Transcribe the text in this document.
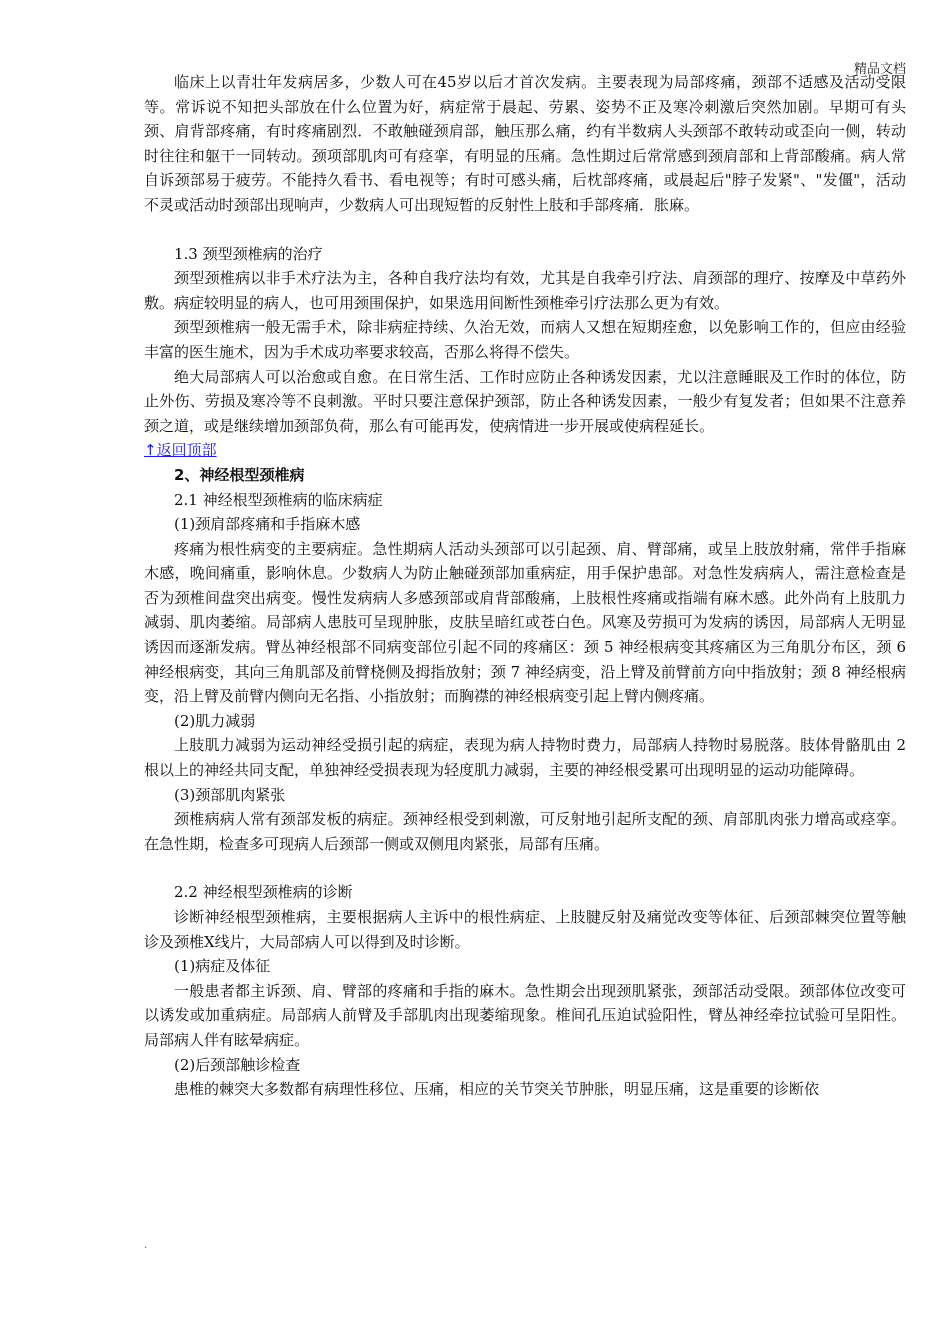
精品文档

临床上以青壮年发病居多，少数人可在45岁以后才首次发病。主要表现为局部疼痛，颈部不适感及活动受限等。常诉说不知把头部放在什么位置为好，病症常于晨起、劳累、姿势不正及寒冷刺激后突然加剧。早期可有头颈、肩背部疼痛，有时疼痛剧烈．不敢触碰颈肩部，触压那么痛，约有半数病人头颈部不敢转动或歪向一侧，转动时往往和躯干一同转动。颈项部肌肉可有痉挛，有明显的压痛。急性期过后常常感到颈肩部和上背部酸痛。病人常自诉颈部易于疲劳。不能持久看书、看电视等；有时可感头痛，后枕部疼痛，或晨起后"脖子发紧"、"发僵"，活动不灵或活动时颈部出现响声，少数病人可出现短暂的反射性上肢和手部疼痛．胀麻。

1.3 颈型颈椎病的治疗

颈型颈椎病以非手术疗法为主，各种自我疗法均有效，尤其是自我牵引疗法、肩颈部的理疗、按摩及中草药外敷。病症较明显的病人，也可用颈围保护，如果选用间断性颈椎牵引疗法那么更为有效。

颈型颈椎病一般无需手术，除非病症持续、久治无效，而病人又想在短期痊愈，以免影响工作的，但应由经验丰富的医生施术，因为手术成功率要求较高，否那么将得不偿失。

绝大局部病人可以治愈或自愈。在日常生活、工作时应防止各种诱发因素，尤以注意睡眠及工作时的体位，防止外伤、劳损及寒冷等不良刺激。平时只要注意保护颈部，防止各种诱发因素，一般少有复发者；但如果不注意养颈之道，或是继续增加颈部负荷，那么有可能再发，使病情进一步开展或使病程延长。

↑返回顶部

2、神经根型颈椎病

2.1 神经根型颈椎病的临床病症

(1)颈肩部疼痛和手指麻木感

疼痛为根性病变的主要病症。急性期病人活动头颈部可以引起颈、肩、臂部痛，或呈上肢放射痛，常伴手指麻木感，晚间痛重，影响休息。少数病人为防止触碰颈部加重病症，用手保护患部。对急性发病病人，需注意检查是否为颈椎间盘突出病变。慢性发病病人多感颈部或肩背部酸痛，上肢根性疼痛或指端有麻木感。此外尚有上肢肌力减弱、肌肉萎缩。局部病人患肢可呈现肿胀，皮肤呈暗红或苍白色。风寒及劳损可为发病的诱因，局部病人无明显诱因而逐渐发病。臂丛神经根部不同病变部位引起不同的疼痛区：颈 5 神经根病变其疼痛区为三角肌分布区，颈 6 神经根病变，其向三角肌部及前臂桡侧及拇指放射；颈 7 神经病变，沿上臂及前臂前方向中指放射；颈 8 神经根病变，沿上臂及前臂内侧向无名指、小指放射；而胸襟的神经根病变引起上臂内侧疼痛。

(2)肌力减弱

上肢肌力减弱为运动神经受损引起的病症，表现为病人持物时费力，局部病人持物时易脱落。肢体骨骼肌由 2 根以上的神经共同支配，单独神经受损表现为轻度肌力减弱，主要的神经根受累可出现明显的运动功能障碍。

(3)颈部肌肉紧张

颈椎病病人常有颈部发板的病症。颈神经根受到刺激，可反射地引起所支配的颈、肩部肌肉张力增高或痉挛。在急性期，检查多可现病人后颈部一侧或双侧甩肉紧张，局部有压痛。

2.2 神经根型颈椎病的诊断

诊断神经根型颈椎病，主要根据病人主诉中的根性病症、上肢腱反射及痛觉改变等体征、后颈部棘突位置等触诊及颈椎X线片，大局部病人可以得到及时诊断。

(1)病症及体征

一般患者都主诉颈、肩、臂部的疼痛和手指的麻木。急性期会出现颈肌紧张，颈部活动受限。颈部体位改变可以诱发或加重病症。局部病人前臂及手部肌肉出现萎缩现象。椎间孔压迫试验阳性，臂丛神经牵拉试验可呈阳性。局部病人伴有眩晕病症。

(2)后颈部触诊检查

患椎的棘突大多数都有病理性移位、压痛，相应的关节突关节肿胀，明显压痛，这是重要的诊断依

.
